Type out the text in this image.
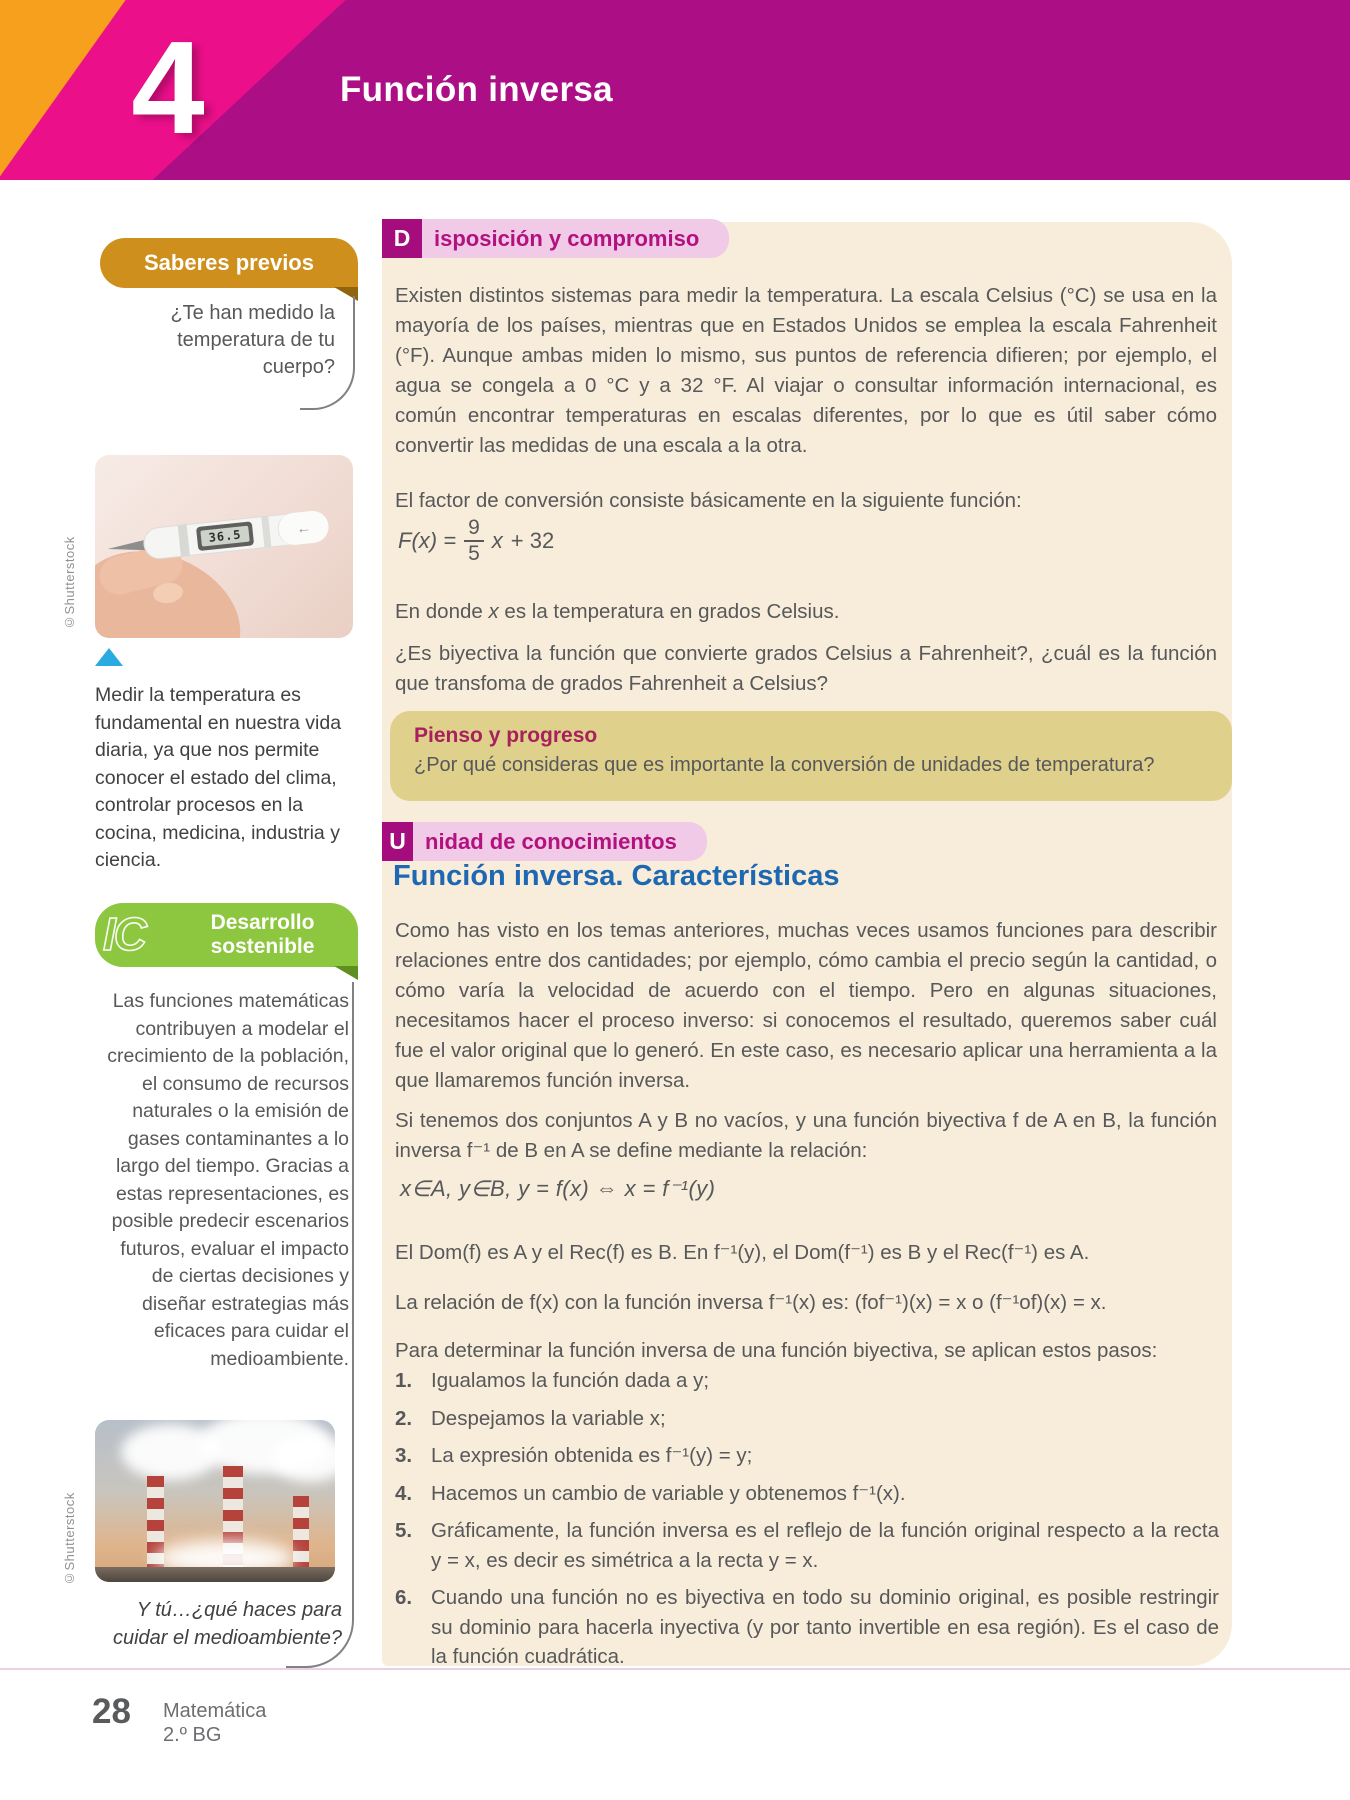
4	Función inversa
Saberes previos
¿Te han medido la temperatura de tu cuerpo?
©Shutterstock
36.5	←
Medir la temperatura es fundamental en nuestra vida diaria, ya que nos permite conocer el estado del clima, controlar procesos en la cocina, medicina, industria y ciencia.
IC	Desarrollo
sostenible
Las funciones matemáticas contribuyen a modelar el crecimiento de la población, el consumo de recursos naturales o la emisión de gases contaminantes a lo largo del tiempo. Gracias a estas representaciones, es posible predecir escenarios futuros, evaluar el impacto de ciertas decisiones y diseñar estrategias más eficaces para cuidar el medioambiente.
©Shutterstock
Y tú…¿qué haces para cuidar el medioambiente?
D	isposición y compromiso
Existen distintos sistemas para medir la temperatura. La escala Celsius (°C) se usa en la mayoría de los países, mientras que en Estados Unidos se emplea la escala Fahrenheit (°F). Aunque ambas miden lo mismo, sus puntos de referencia difieren; por ejemplo, el agua se congela a 0 °C y a 32 °F. Al viajar o consultar información internacional, es común encontrar temperaturas en escalas diferentes, por lo que es útil saber cómo convertir las medidas de una escala a la otra.
El factor de conversión consiste básicamente en la siguiente función:
$F(x) = \frac{9}{5}$ x + 32
En donde x es la temperatura en grados Celsius.
¿Es biyectiva la función que convierte grados Celsius a Fahrenheit?, ¿cuál es la función que transfoma de grados Fahrenheit a Celsius?
Pienso y progreso
¿Por qué consideras que es importante la conversión de unidades de temperatura?
U nidad de conocimientos
Función inversa. Características
Como has visto en los temas anteriores, muchas veces usamos funciones para describir relaciones entre dos cantidades; por ejemplo, cómo cambia el precio según la cantidad, o cómo varía la velocidad de acuerdo con el tiempo. Pero en algunas situaciones, necesitamos hacer el proceso inverso: si conocemos el resultado, queremos saber cuál fue el valor original que lo generó. En este caso, es necesario aplicar una herramienta a la que llamaremos función inversa.
Si tenemos dos conjuntos A y B no vacíos, y una función biyectiva f de A en B, la función inversa f⁻¹ de B en A se define mediante la relación:
x∈A, y∈B, y = f(x) ⇔ x = f⁻¹(y)
El Dom(f) es A y el Rec(f) es B. En f⁻¹(y), el Dom(f⁻¹) es B y el Rec(f⁻¹) es A.
La relación de f(x) con la función inversa f⁻¹(x) es: (fof⁻¹)(x) = x o (f⁻¹of)(x) = x.
Para determinar la función inversa de una función biyectiva, se aplican estos pasos:
1. Igualamos la función dada a y;
2. Despejamos la variable x;
3. La expresión obtenida es f⁻¹(y) = y;
4. Hacemos un cambio de variable y obtenemos f⁻¹(x).
5. Gráficamente, la función inversa es el reflejo de la función original respecto a la recta y = x, es decir es simétrica a la recta y = x.
6. Cuando una función no es biyectiva en todo su dominio original, es posible restringir su dominio para hacerla inyectiva (y por tanto invertible en esa región). Es el caso de la función cuadrática.
28 Matemática
2.º BG
